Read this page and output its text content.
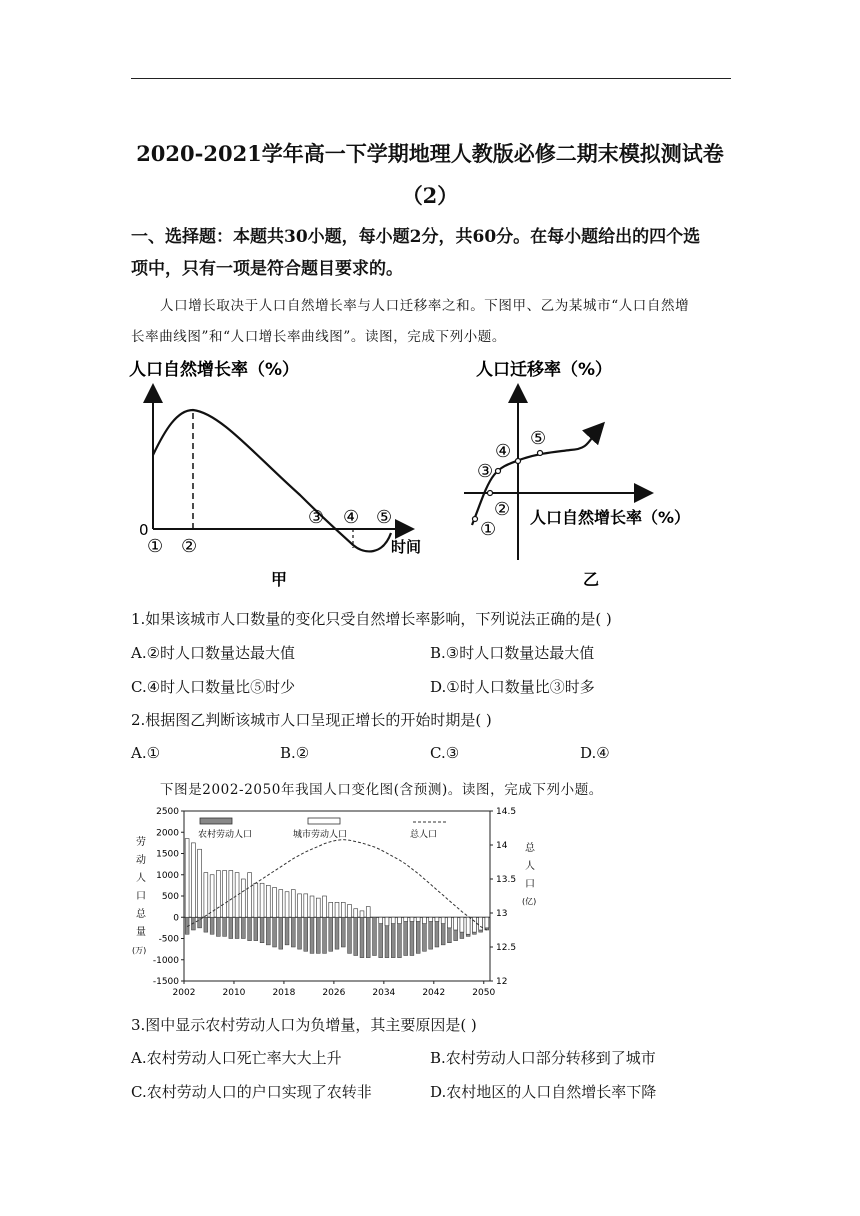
2020-2021学年高一下学期地理人教版必修二期末模拟测试卷
（2）
一、选择题：本题共30小题，每小题2分，共60分。在每小题给出的四个选
项中，只有一项是符合题目要求的。
人口增长取决于人口自然增长率与人口迁移率之和。下图甲、乙为某城市“人口自然增
长率曲线图”和“人口增长率曲线图”。读图，完成下列小题。
人口自然增长率（%）
0
① ②
③ ④ ⑤
时间
甲
人口迁移率（%）
①
②
③
④
⑤
人口自然增长率（%）
乙
1.如果该城市人口数量的变化只受自然增长率影响，下列说法正确的是( )
A.②时人口数量达最大值	B.③时人口数量达最大值
C.④时人口数量比⑤时少	D.①时人口数量比③时多
2.根据图乙判断该城市人口呈现正增长的开始时期是( )
A.①	B.②	C.③	D.④
下图是2002-2050年我国人口变化图(含预测)。读图，完成下列小题。
2500
2000
1500
1000
500
0
-500
-1000
-1500
14.5
14
13.5
13
12.5
12
2002	2010	2018	2026	2034	2042	2050
农村劳动人口	城市劳动人口	总人口
劳
动
人
口
总
量
(万)
总
人
口
(亿)
3.图中显示农村劳动人口为负增量，其主要原因是( )
A.农村劳动人口死亡率大大上升	B.农村劳动人口部分转移到了城市
C.农村劳动人口的户口实现了农转非	D.农村地区的人口自然增长率下降
